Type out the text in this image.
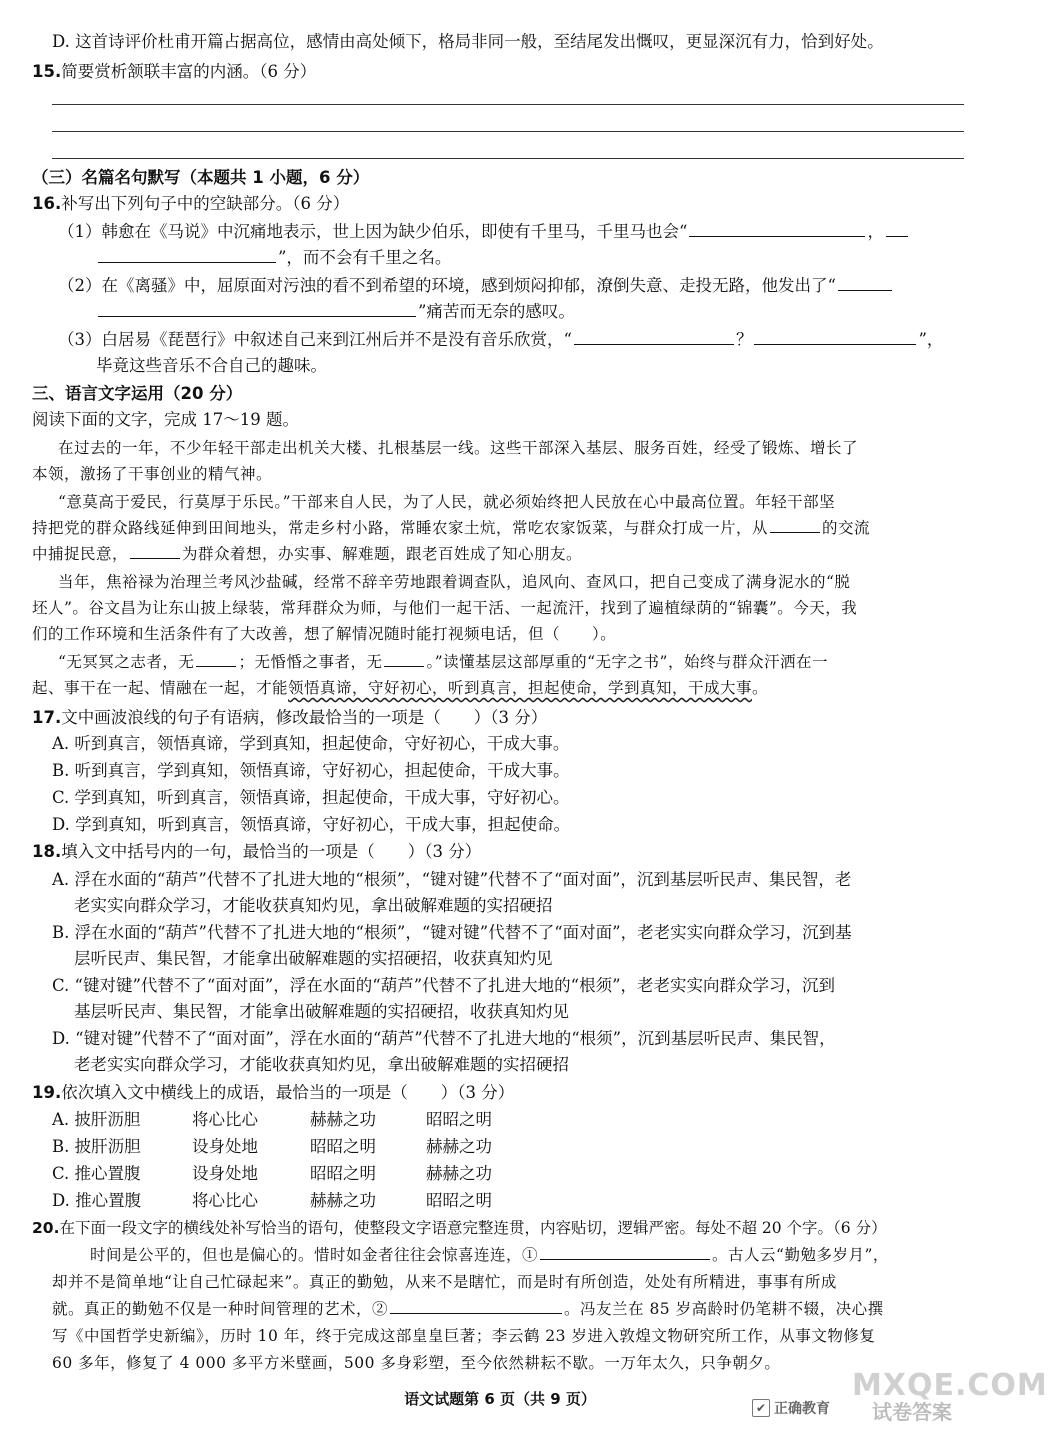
D. 这首诗评价杜甫开篇占据高位，感情由高处倾下，格局非同一般，至结尾发出慨叹，更显深沉有力，恰到好处。
15.简要赏析颔联丰富的内涵。（6 分）
（三）名篇名句默写（本题共 1 小题，6 分）
16.补写出下列句子中的空缺部分。（6 分）
（1）韩愈在《马说》中沉痛地表示，世上因为缺少伯乐，即使有千里马，千里马也会“	，
”，而不会有千里之名。
（2）在《离骚》中，屈原面对污浊的看不到希望的环境，感到烦闷抑郁，潦倒失意、走投无路，他发出了“
”痛苦而无奈的感叹。
（3）白居易《琵琶行》中叙述自己来到江州后并不是没有音乐欣赏，“	？	”，
毕竟这些音乐不合自己的趣味。
三、语言文字运用（20 分）
阅读下面的文字，完成 17～19 题。
在过去的一年，不少年轻干部走出机关大楼、扎根基层一线。这些干部深入基层、服务百姓，经受了锻炼、增长了
本领，激扬了干事创业的精气神。
“意莫高于爱民，行莫厚于乐民。”干部来自人民，为了人民，就必须始终把人民放在心中最高位置。年轻干部坚
持把党的群众路线延伸到田间地头，常走乡村小路，常睡农家土炕，常吃农家饭菜，与群众打成一片，从	的交流
中捕捉民意，	为群众着想，办实事、解难题，跟老百姓成了知心朋友。
当年，焦裕禄为治理兰考风沙盐碱，经常不辞辛劳地跟着调查队，追风向、查风口，把自己变成了满身泥水的“脱
坯人”。谷文昌为让东山披上绿装，常拜群众为师，与他们一起干活、一起流汗，找到了遍植绿荫的“锦囊”。今天，我
们的工作环境和生活条件有了大改善，想了解情况随时能打视频电话，但（　　）。
“无冥冥之志者，无	；无惛惛之事者，无	。”读懂基层这部厚重的“无字之书”，始终与群众汗洒在一
起、事干在一起、情融在一起，才能领悟真谛，守好初心，听到真言，担起使命，学到真知，干成大事。
17.文中画波浪线的句子有语病，修改最恰当的一项是（　　）（3 分）
A. 听到真言，领悟真谛，学到真知，担起使命，守好初心，干成大事。
B. 听到真言，学到真知，领悟真谛，守好初心，担起使命，干成大事。
C. 学到真知，听到真言，领悟真谛，担起使命，干成大事，守好初心。
D. 学到真知，听到真言，领悟真谛，守好初心，干成大事，担起使命。
18.填入文中括号内的一句，最恰当的一项是（　　）（3 分）
A. 浮在水面的“葫芦”代替不了扎进大地的“根须”，“键对键”代替不了“面对面”，沉到基层听民声、集民智，老
老实实向群众学习，才能收获真知灼见，拿出破解难题的实招硬招
B. 浮在水面的“葫芦”代替不了扎进大地的“根须”，“键对键”代替不了“面对面”，老老实实向群众学习，沉到基
层听民声、集民智，才能拿出破解难题的实招硬招，收获真知灼见
C. “键对键”代替不了“面对面”，浮在水面的“葫芦”代替不了扎进大地的“根须”，老老实实向群众学习，沉到
基层听民声、集民智，才能拿出破解难题的实招硬招，收获真知灼见
D. “键对键”代替不了“面对面”，浮在水面的“葫芦”代替不了扎进大地的“根须”，沉到基层听民声、集民智，
老老实实向群众学习，才能收获真知灼见，拿出破解难题的实招硬招
19.依次填入文中横线上的成语，最恰当的一项是（　　）（3 分）
A. 披肝沥胆	将心比心	赫赫之功	昭昭之明
B. 披肝沥胆	设身处地	昭昭之明	赫赫之功
C. 推心置腹	设身处地	昭昭之明	赫赫之功
D. 推心置腹	将心比心	赫赫之功	昭昭之明
20.在下面一段文字的横线处补写恰当的语句，使整段文字语意完整连贯，内容贴切，逻辑严密。每处不超 20 个字。（6 分）
时间是公平的，但也是偏心的。惜时如金者往往会惊喜连连，①	。古人云“勤勉多岁月”，
却并不是简单地“让自己忙碌起来”。真正的勤勉，从来不是瞎忙，而是时有所创造，处处有所精进，事事有所成
就。真正的勤勉不仅是一种时间管理的艺术，②	。冯友兰在 85 岁高龄时仍笔耕不辍，决心撰
写《中国哲学史新编》，历时 10 年，终于完成这部皇皇巨著；李云鹤 23 岁进入敦煌文物研究所工作，从事文物修复
60 多年，修复了 4 000 多平方米壁画，500 多身彩塑，至今依然耕耘不歇。一万年太久，只争朝夕。
语文试题第 6 页（共 9 页）	✔ 正确教育
MXQE.COM
试卷答案
